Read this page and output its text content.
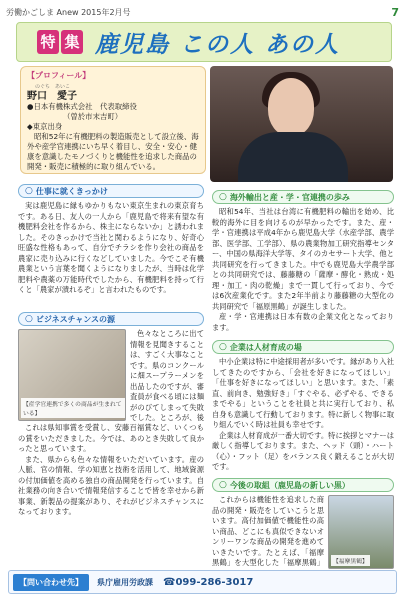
労働かごしま Anew 2015年2月号	7
特 集 鹿児島 この人 あの人
【プロフィール】
のぐち　あいこ
野口　愛子
●日本有機株式会社　代表取締役
（曽於市末吉町）
◆東京出身
昭和52年に有機肥料の製造販売として設立後、海外や産学官連携にいち早く着目し、安全・安心・健康を意識したモノづくりと機能性を追求した商品の開発・販売に積極的に取り組んでいる。
○ 仕事に就くきっかけ

実は鹿児島に縁もゆかりもない東京生まれの東京育ちです。ある日、友人の一人から「鹿児島で将来有望な有機肥料会社を作るから、株主にならないか」と誘われました。そのきっかけで当社と関わるようになり、好奇心旺盛な性格もあって、自分でチラシを作り会社の商品を農家に売り込みに行くなどしていました。今でこそ有機農業という言葉を聞くようになりましたが、当時は化学肥料や農薬の万能時代でしたから、有機肥料を持って行くと「農家が潰れるぞ」と言われたものです。

○ ビジネスチャンスの源
【産学官連携で多くの商品が生まれている】

色々なところに出て情報を見聞きすることは、すごく大事なことです。県のコンクールに畑スープラーメンを出品したのですが、審査員が食べる頃には麺がのびてしまって失敗でした。ところが、後

これは県知事賞を受賞し、安藤百福賞など、いくつもの賞をいただきました。今では、あのとき失敗して良かったと思っています。

また、県からも色々な情報をいただいています。産の人脈、官の情報、学の知恵と技術を活用して、地域資源の付加価値を高める独自の商品開発を行っています。自社業務の向き合いで情報発信することで皆を幸せから新事業、新製品の提案があり、それがビジネスチャンスになっております。

○ 海外輸出と産・学・官連携の歩み

昭和54年、当社は台湾に有機肥料の輸出を始め、比較的海外に目を向けるのが早かったです。また、産・学・官連携は平成4年から鹿児島大学（水産学部、農学部、医学部、工学部）、県の農業物加工研究指導センター、中国の県海洋大学等、タイのカセサート大学、他と共同研究を行ってきました。中でも鹿児島大学農学部との共同研究では、藤藤糖の「薩摩・酵化・熟成・処理・加工・肉の乾燥」まで一貫して行っており、今では6次産業化です。また2年半前より藤藤糖の大型化の共同研究で「福原黒鶴」が誕生しました。

産・学・官連携は日本有数の企業文化となっております。

○ 企業は人材育成の場

中小企業は特に中途採用者が多いです。縁があり入社してきたのですから、「会社を好きになってほしい」「仕事を好きになってほしい」と思います。また、「素直、前向き、勉強好き」「すぐやる、必ずやる、できるまでやる」ということを社員と共に実行しており、私自身も意識して行動しております。特に新しく物事に取り組んでいく時は社員も幸せです。

企業は人材育成が一番大切です。特に挨拶とマナーは厳しく指導しております。また、ヘッド（頭）・ハート（心）・フット（足）をバランス良く鍛えることが大切です。

○ 今後の取組（鹿児島の新しい黒）

これからは機能性を追求した商品の開発・販売をしていこうと思います。高付加価値で機能性の高い商品、どこにも真似できないオンリーワンな商品の開発を進めていきたいです。たとえば、「福摩黒鶴」を大型化した「福摩黒鶴」	【福摩黒鶴】
【問い合わせ先】	県庁雇用労政課 ☎099-286-3017
